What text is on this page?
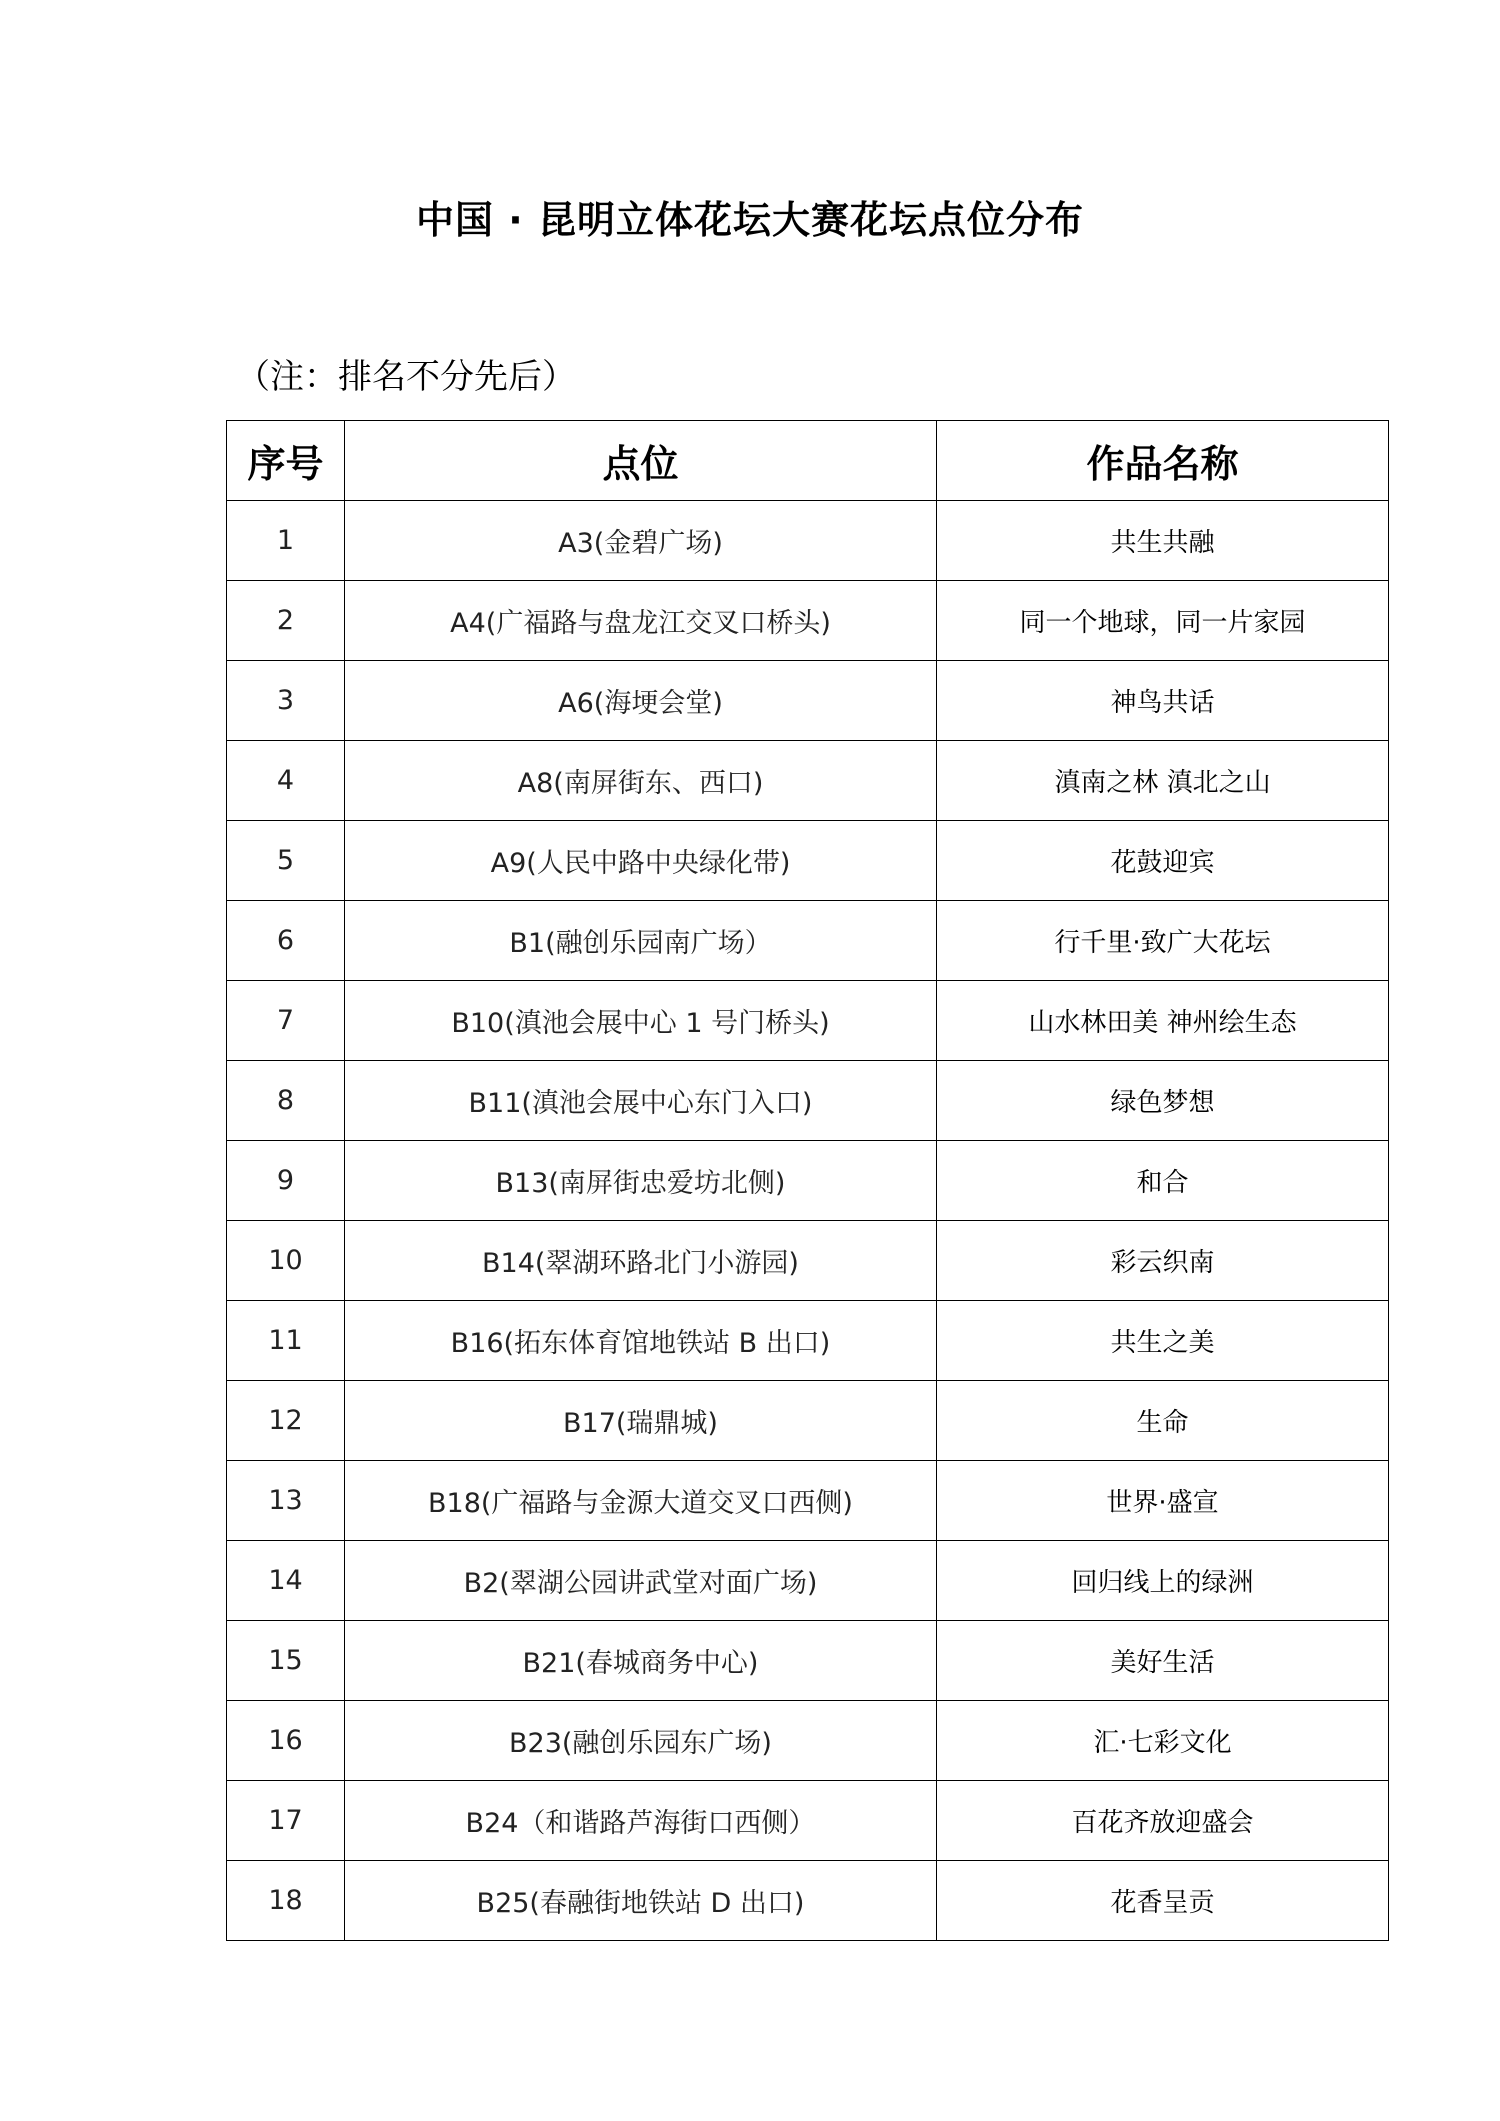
中国 · 昆明立体花坛大赛花坛点位分布
（注：排名不分先后）
序号	点位	作品名称
1	A3(金碧广场)	共生共融
2	A4(广福路与盘龙江交叉口桥头)	同一个地球，同一片家园
3	A6(海埂会堂)	神鸟共话
4	A8(南屏街东、西口)	滇南之林 滇北之山
5	A9(人民中路中央绿化带)	花鼓迎宾
6	B1(融创乐园南广场）	行千里·致广大花坛
7	B10(滇池会展中心 1 号门桥头)	山水林田美 神州绘生态
8	B11(滇池会展中心东门入口)	绿色梦想
9	B13(南屏街忠爱坊北侧)	和合
10	B14(翠湖环路北门小游园)	彩云织南
11	B16(拓东体育馆地铁站 B 出口)	共生之美
12	B17(瑞鼎城)	生命
13	B18(广福路与金源大道交叉口西侧)	世界·盛宣
14	B2(翠湖公园讲武堂对面广场)	回归线上的绿洲
15	B21(春城商务中心)	美好生活
16	B23(融创乐园东广场)	汇·七彩文化
17	B24（和谐路芦海街口西侧）	百花齐放迎盛会
18	B25(春融街地铁站 D 出口)	花香呈贡
